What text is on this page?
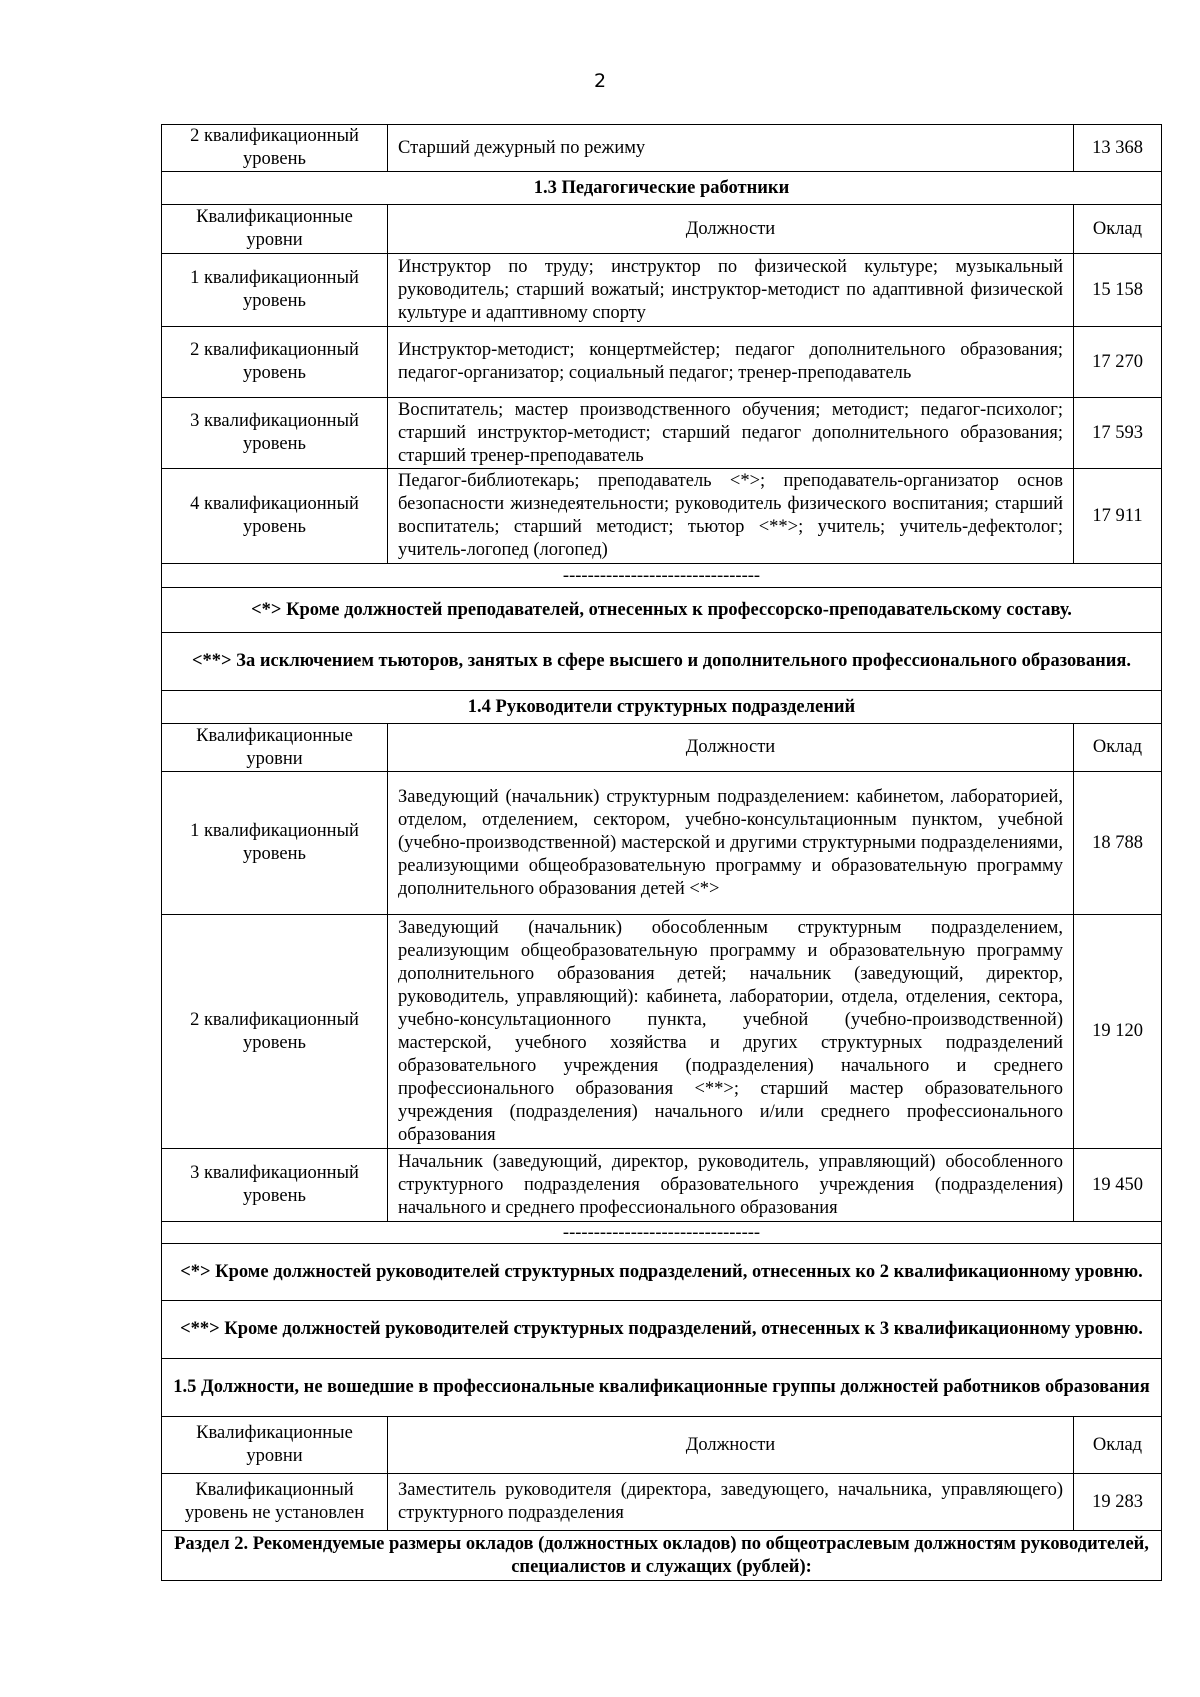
2
2 квалификационный уровень	Старший дежурный по режиму	13 368
1.3 Педагогические работники		
Квалификационные уровни	Должности	Оклад
1 квалификационный уровень	Инструктор по труду; инструктор по физической культуре; музыкальный руководитель; старший вожатый; инструктор-методист по адаптивной физической культуре и адаптивному спорту	15 158
2 квалификационный уровень	Инструктор-методист; концертмейстер; педагог дополнительного образования; педагог-организатор; социальный педагог; тренер-преподаватель	17 270
3 квалификационный уровень	Воспитатель; мастер производственного обучения; методист; педагог-психолог; старший инструктор-методист; старший педагог дополнительного образования; старший тренер-преподаватель	17 593
4 квалификационный уровень	Педагог-библиотекарь; преподаватель <*>; преподаватель-организатор основ безопасности жизнедеятельности; руководитель физического воспитания; старший воспитатель; старший методист; тьютор <**>; учитель; учитель-дефектолог; учитель-логопед (логопед)	17 911
--------------------------------		
<*> Кроме должностей преподавателей, отнесенных к профессорско-преподавательскому составу.		
<**> За исключением тьюторов, занятых в сфере высшего и дополнительного профессионального образования.		
1.4 Руководители структурных подразделений		
Квалификационные уровни	Должности	Оклад
1 квалификационный уровень	Заведующий (начальник) структурным подразделением: кабинетом, лабораторией, отделом, отделением, сектором, учебно-консультационным пунктом, учебной (учебно-производственной) мастерской и другими структурными подразделениями, реализующими общеобразовательную программу и образовательную программу дополнительного образования детей <*>	18 788
2 квалификационный уровень	Заведующий (начальник) обособленным структурным подразделением, реализующим общеобразовательную программу и образовательную программу дополнительного образования детей; начальник (заведующий, директор, руководитель, управляющий): кабинета, лаборатории, отдела, отделения, сектора, учебно-консультационного пункта, учебной (учебно-производственной) мастерской, учебного хозяйства и других структурных подразделений образовательного учреждения (подразделения) начального и среднего профессионального образования <**>; старший мастер образовательного учреждения (подразделения) начального и/или среднего профессионального образования	19 120
3 квалификационный уровень	Начальник (заведующий, директор, руководитель, управляющий) обособленного структурного подразделения образовательного учреждения (подразделения) начального и среднего профессионального образования	19 450
--------------------------------		
<*> Кроме должностей руководителей структурных подразделений, отнесенных ко 2 квалификационному уровню.		
<**> Кроме должностей руководителей структурных подразделений, отнесенных к 3 квалификационному уровню.		
1.5 Должности, не вошедшие в профессиональные квалификационные группы должностей работников образования		
Квалификационные уровни	Должности	Оклад
Квалификационный уровень не установлен	Заместитель руководителя (директора, заведующего, начальника, управляющего) структурного подразделения	19 283
Раздел 2. Рекомендуемые размеры окладов (должностных окладов) по общеотраслевым должностям руководителей, специалистов и служащих (рублей):		
